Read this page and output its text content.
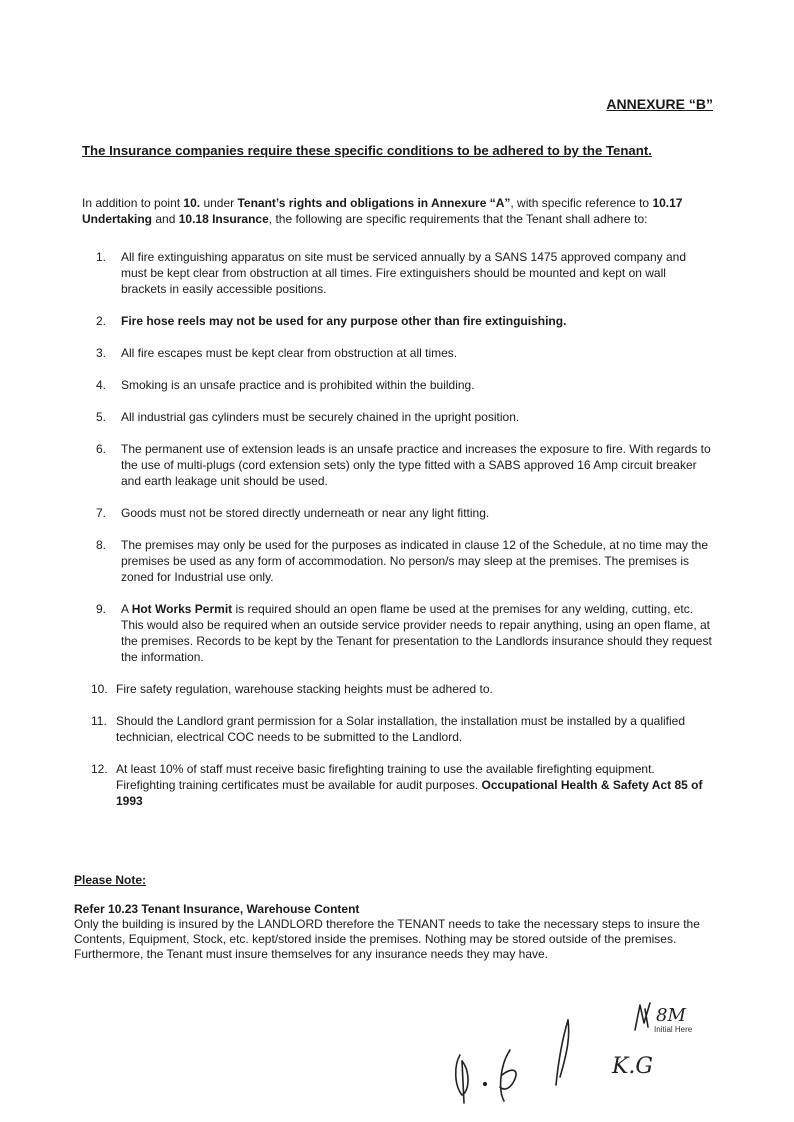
ANNEXURE “B”
The Insurance companies require these specific conditions to be adhered to by the Tenant.
In addition to point 10. under Tenant’s rights and obligations in Annexure “A”, with specific reference to 10.17 Undertaking and 10.18 Insurance, the following are specific requirements that the Tenant shall adhere to:
1. All fire extinguishing apparatus on site must be serviced annually by a SANS 1475 approved company and must be kept clear from obstruction at all times. Fire extinguishers should be mounted and kept on wall brackets in easily accessible positions.
2. Fire hose reels may not be used for any purpose other than fire extinguishing.
3. All fire escapes must be kept clear from obstruction at all times.
4. Smoking is an unsafe practice and is prohibited within the building.
5. All industrial gas cylinders must be securely chained in the upright position.
6. The permanent use of extension leads is an unsafe practice and increases the exposure to fire. With regards to the use of multi-plugs (cord extension sets) only the type fitted with a SABS approved 16 Amp circuit breaker and earth leakage unit should be used.
7. Goods must not be stored directly underneath or near any light fitting.
8. The premises may only be used for the purposes as indicated in clause 12 of the Schedule, at no time may the premises be used as any form of accommodation. No person/s may sleep at the premises. The premises is zoned for Industrial use only.
9. A Hot Works Permit is required should an open flame be used at the premises for any welding, cutting, etc. This would also be required when an outside service provider needs to repair anything, using an open flame, at the premises. Records to be kept by the Tenant for presentation to the Landlords insurance should they request the information.
10. Fire safety regulation, warehouse stacking heights must be adhered to.
11. Should the Landlord grant permission for a Solar installation, the installation must be installed by a qualified technician, electrical COC needs to be submitted to the Landlord.
12. At least 10% of staff must receive basic firefighting training to use the available firefighting equipment. Firefighting training certificates must be available for audit purposes. Occupational Health & Safety Act 85 of 1993
Please Note:
Refer 10.23 Tenant Insurance, Warehouse Content
Only the building is insured by the LANDLORD therefore the TENANT needs to take the necessary steps to insure the Contents, Equipment, Stock, etc. kept/stored inside the premises. Nothing may be stored outside of the premises. Furthermore, the Tenant must insure themselves for any insurance needs they may have.
Initial Here
8M
K.G
